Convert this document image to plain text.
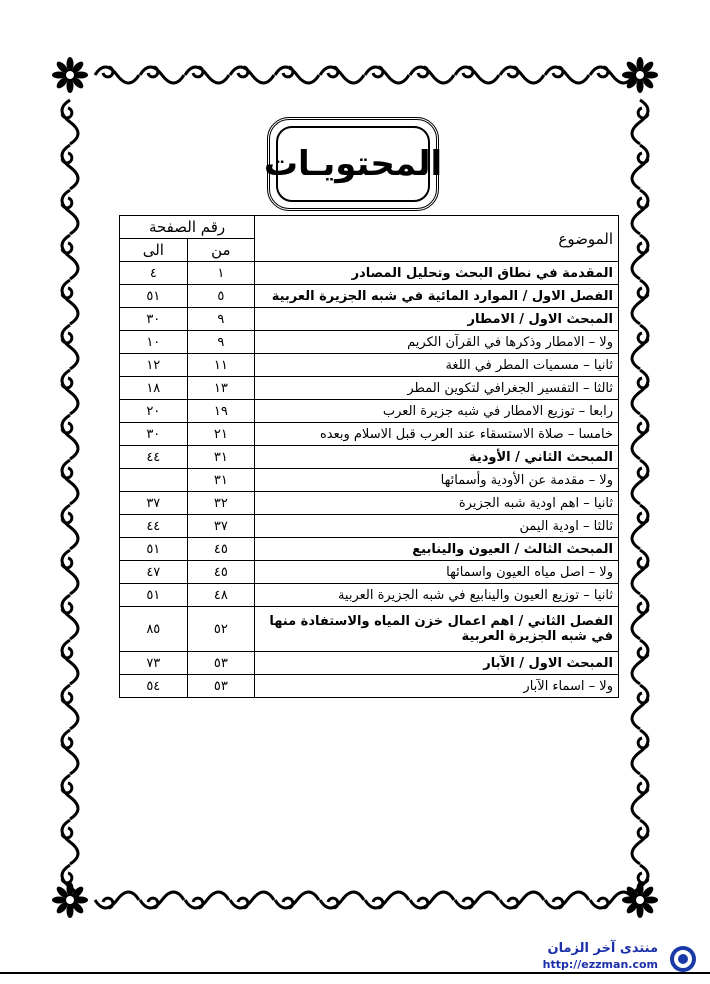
المحتويـات
الموضوع	رقم الصفحة	
	من	الى
المقدمة في نطاق البحث وتحليل المصادر	١	٤
الفصل الاول / الموارد المائية في شبه الجزيرة العربية	٥	٥١
المبحث الاول / الامطار	٩	٣٠
ولا – الامطار وذكرها في القرآن الكريم	٩	١٠
ثانيا – مسميات المطر في اللغة	١١	١٢
ثالثا – التفسير الجغرافي لتكوين المطر	١٣	١٨
رابعا – توزيع الامطار في شبه جزيرة العرب	١٩	٢٠
خامسا – صلاة الاستسقاء عند العرب قبل الاسلام وبعده	٢١	٣٠
المبحث الثاني / الأودية	٣١	٤٤
ولا – مقدمة عن الأودية وأسمائها	٣١	
ثانيا – اهم اودية شبه الجزيرة	٣٢	٣٧
ثالثا – اودية اليمن	٣٧	٤٤
المبحث الثالث / العيون والينابيع	٤٥	٥١
ولا – اصل مياه العيون واسمائها	٤٥	٤٧
ثانيا – توزيع العيون والينابيع في شبه الجزيرة العربية	٤٨	٥١
الفصل الثاني / اهم اعمال خزن المياه والاستفادة منها في شبه الجزيرة العربية	٥٢	٨٥
المبحث الاول / الآبار	٥٣	٧٣
ولا – اسماء الآبار	٥٣	٥٤
منتدى آخر الزمان
http://ezzman.com
